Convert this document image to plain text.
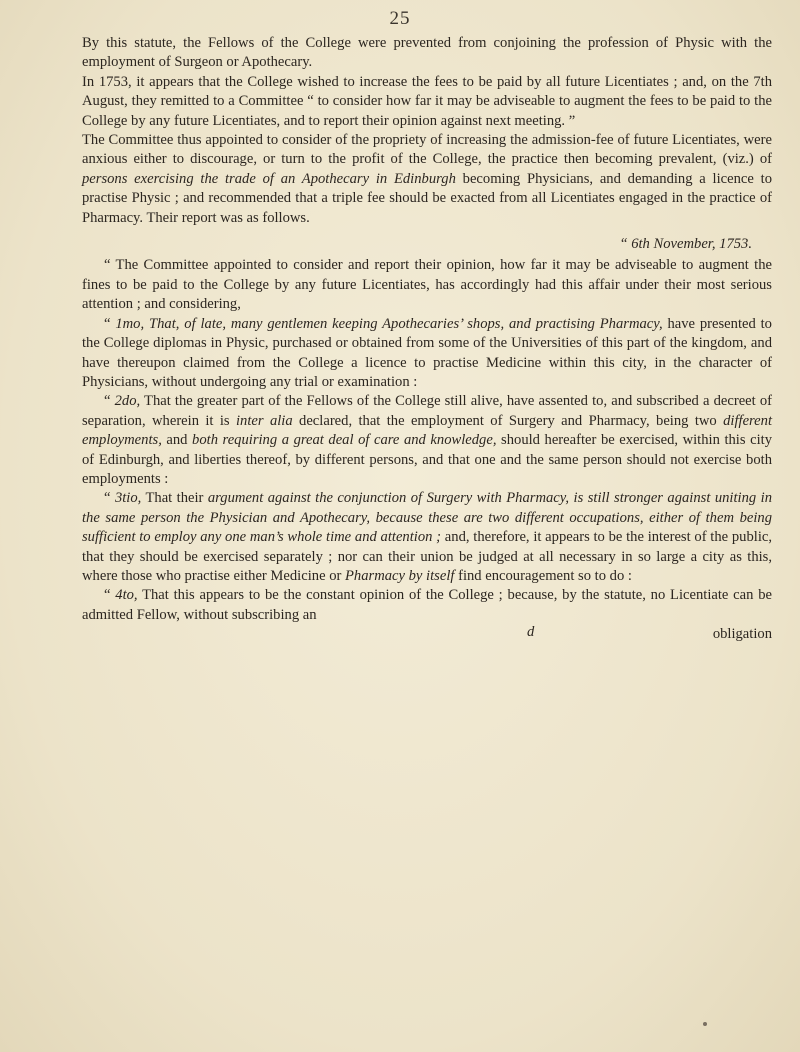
25

By this statute, the Fellows of the College were prevented from conjoining the profession of Physic with the employment of Surgeon or Apothecary.

In 1753, it appears that the College wished to increase the fees to be paid by all future Licentiates ; and, on the 7th August, they remitted to a Committee “ to consider how far it may be adviseable to augment the fees to be paid to the College by any future Licentiates, and to report their opinion against next meeting. ”

The Committee thus appointed to consider of the propriety of increasing the admission-fee of future Licentiates, were anxious either to discourage, or turn to the profit of the College, the practice then becoming prevalent, (viz.) of persons exercising the trade of an Apothecary in Edinburgh becoming Physicians, and demanding a licence to practise Physic ; and recommended that a triple fee should be exacted from all Licentiates engaged in the practice of Pharmacy. Their report was as follows.

“ 6th November, 1753.

“ The Committee appointed to consider and report their opinion, how far it may be adviseable to augment the fines to be paid to the College by any future Licentiates, has accordingly had this affair under their most serious attention ; and considering,

“ 1mo, That, of late, many gentlemen keeping Apothecaries’ shops, and practising Pharmacy, have presented to the College diplomas in Physic, purchased or obtained from some of the Universities of this part of the kingdom, and have thereupon claimed from the College a licence to practise Medicine within this city, in the character of Physicians, without undergoing any trial or examination :

“ 2do, That the greater part of the Fellows of the College still alive, have assented to, and subscribed a decreet of separation, wherein it is inter alia declared, that the employment of Surgery and Pharmacy, being two different employments, and both requiring a great deal of care and knowledge, should hereafter be exercised, within this city of Edinburgh, and liberties thereof, by different persons, and that one and the same person should not exercise both employments :

“ 3tio, That their argument against the conjunction of Surgery with Pharmacy, is still stronger against uniting in the same person the Physician and Apothecary, because these are two different occupations, either of them being sufficient to employ any one man’s whole time and attention ; and, therefore, it appears to be the interest of the public, that they should be exercised separately ; nor can their union be judged at all necessary in so large a city as this, where those who practise either Medicine or Pharmacy by itself find encouragement so to do :

“ 4to, That this appears to be the constant opinion of the College ; because, by the statute, no Licentiate can be admitted Fellow, without subscribing an

d	obligation
